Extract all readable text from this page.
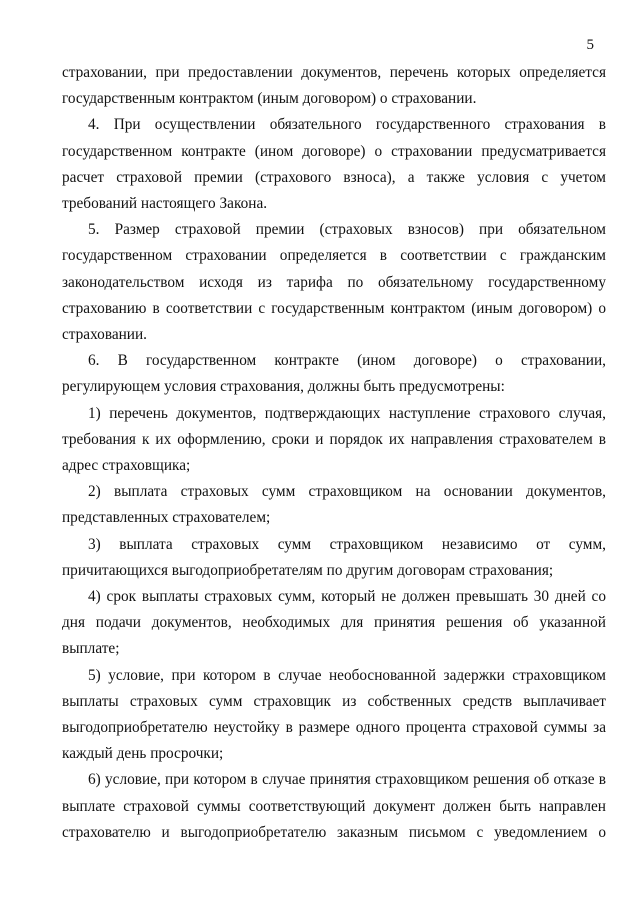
5

страховании, при предоставлении документов, перечень которых определяется государственным контрактом (иным договором) о страховании.

4. При осуществлении обязательного государственного страхования в государственном контракте (ином договоре) о страховании предусматривается расчет страховой премии (страхового взноса), а также условия с учетом требований настоящего Закона.

5. Размер страховой премии (страховых взносов) при обязательном государственном страховании определяется в соответствии с гражданским законодательством исходя из тарифа по обязательному государственному страхованию в соответствии с государственным контрактом (иным договором) о страховании.

6. В государственном контракте (ином договоре) о страховании, регулирующем условия страхования, должны быть предусмотрены:

1) перечень документов, подтверждающих наступление страхового случая, требования к их оформлению, сроки и порядок их направления страхователем в адрес страховщика;

2) выплата страховых сумм страховщиком на основании документов, представленных страхователем;

3) выплата страховых сумм страховщиком независимо от сумм, причитающихся выгодоприобретателям по другим договорам страхования;

4) срок выплаты страховых сумм, который не должен превышать 30 дней со дня подачи документов, необходимых для принятия решения об указанной выплате;

5) условие, при котором в случае необоснованной задержки страховщиком выплаты страховых сумм страховщик из собственных средств выплачивает выгодоприобретателю неустойку в размере одного процента страховой суммы за каждый день просрочки;

6) условие, при котором в случае принятия страховщиком решения об отказе в выплате страховой суммы соответствующий документ должен быть направлен страхователю и выгодоприобретателю заказным письмом с уведомлением о
